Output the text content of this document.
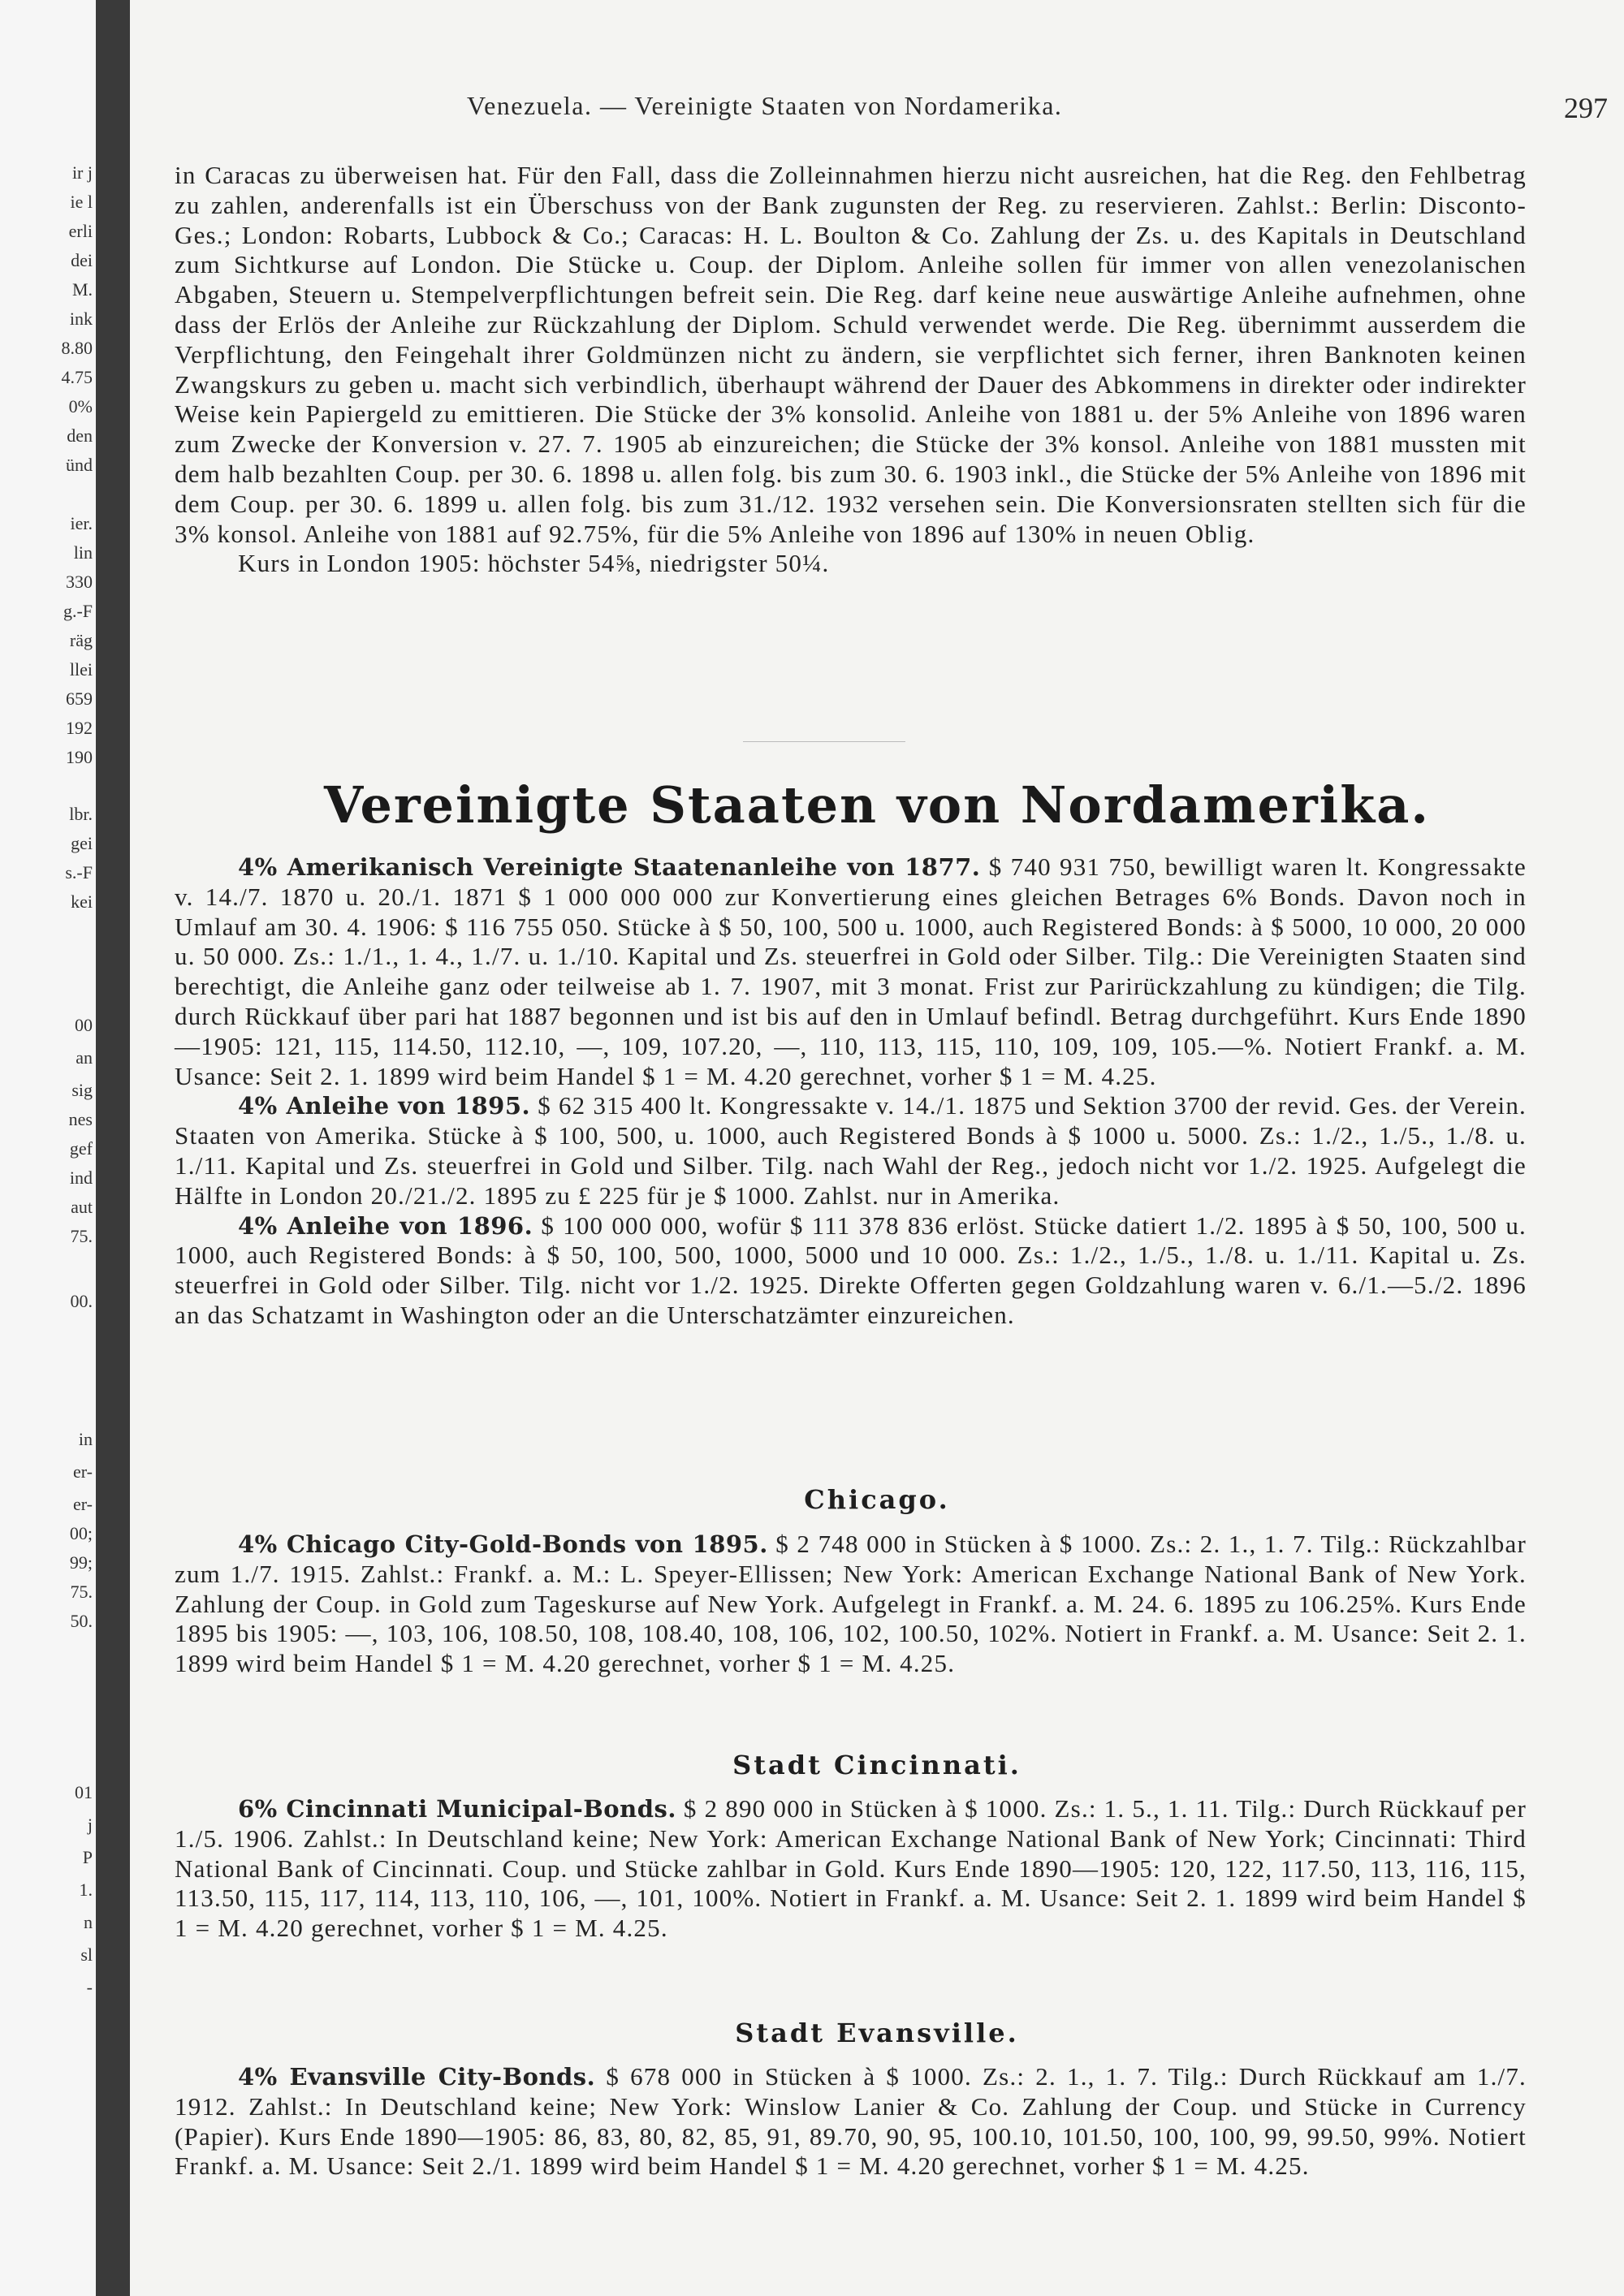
ir j
ie l
erli
dei
M.
ink
8.80
4.75
0%
den
ünd
ier.
lin
330
g.-F
räg
llei
659
192
190
lbr.
gei
s.-F
kei
00
an
sig
nes
gef
ind
aut
75.
00.
in
er-
er-
00;
99;
75.
50.
01
j
P
1.
n
sl
-
Venezuela. — Vereinigte Staaten von Nordamerika.	297

in Caracas zu überweisen hat. Für den Fall, dass die Zolleinnahmen hierzu nicht ausreichen, hat die Reg. den Fehlbetrag zu zahlen, anderenfalls ist ein Überschuss von der Bank zugunsten der Reg. zu reservieren. Zahlst.: Berlin: Disconto-Ges.; London: Robarts, Lubbock & Co.; Caracas: H. L. Boulton & Co. Zahlung der Zs. u. des Kapitals in Deutschland zum Sichtkurse auf London. Die Stücke u. Coup. der Diplom. Anleihe sollen für immer von allen venezolanischen Abgaben, Steuern u. Stempelverpflichtungen befreit sein. Die Reg. darf keine neue auswärtige Anleihe aufnehmen, ohne dass der Erlös der Anleihe zur Rückzahlung der Diplom. Schuld verwendet werde. Die Reg. übernimmt ausserdem die Verpflichtung, den Feingehalt ihrer Goldmünzen nicht zu ändern, sie verpflichtet sich ferner, ihren Banknoten keinen Zwangskurs zu geben u. macht sich verbindlich, überhaupt während der Dauer des Abkommens in direkter oder indirekter Weise kein Papiergeld zu emittieren. Die Stücke der 3% konsolid. Anleihe von 1881 u. der 5% Anleihe von 1896 waren zum Zwecke der Konversion v. 27. 7. 1905 ab einzureichen; die Stücke der 3% konsol. Anleihe von 1881 mussten mit dem halb bezahlten Coup. per 30. 6. 1898 u. allen folg. bis zum 30. 6. 1903 inkl., die Stücke der 5% Anleihe von 1896 mit dem Coup. per 30. 6. 1899 u. allen folg. bis zum 31./12. 1932 versehen sein. Die Konversionsraten stellten sich für die 3% konsol. Anleihe von 1881 auf 92.75%, für die 5% Anleihe von 1896 auf 130% in neuen Oblig.

Kurs in London 1905: höchster 54⅝, niedrigster 50¼.

Vereinigte Staaten von Nordamerika.

4% Amerikanisch Vereinigte Staatenanleihe von 1877. $ 740 931 750, bewilligt waren lt. Kongressakte v. 14./7. 1870 u. 20./1. 1871 $ 1 000 000 000 zur Konvertierung eines gleichen Betrages 6% Bonds. Davon noch in Umlauf am 30. 4. 1906: $ 116 755 050. Stücke à $ 50, 100, 500 u. 1000, auch Registered Bonds: à $ 5000, 10 000, 20 000 u. 50 000. Zs.: 1./1., 1. 4., 1./7. u. 1./10. Kapital und Zs. steuerfrei in Gold oder Silber. Tilg.: Die Vereinigten Staaten sind berechtigt, die Anleihe ganz oder teilweise ab 1. 7. 1907, mit 3 monat. Frist zur Parirückzahlung zu kündigen; die Tilg. durch Rückkauf über pari hat 1887 begonnen und ist bis auf den in Umlauf befindl. Betrag durchgeführt. Kurs Ende 1890—1905: 121, 115, 114.50, 112.10, —, 109, 107.20, —, 110, 113, 115, 110, 109, 109, 105.—%. Notiert Frankf. a. M. Usance: Seit 2. 1. 1899 wird beim Handel $ 1 = M. 4.20 gerechnet, vorher $ 1 = M. 4.25.

4% Anleihe von 1895. $ 62 315 400 lt. Kongressakte v. 14./1. 1875 und Sektion 3700 der revid. Ges. der Verein. Staaten von Amerika. Stücke à $ 100, 500, u. 1000, auch Registered Bonds à $ 1000 u. 5000. Zs.: 1./2., 1./5., 1./8. u. 1./11. Kapital und Zs. steuerfrei in Gold und Silber. Tilg. nach Wahl der Reg., jedoch nicht vor 1./2. 1925. Aufgelegt die Hälfte in London 20./21./2. 1895 zu £ 225 für je $ 1000. Zahlst. nur in Amerika.

4% Anleihe von 1896. $ 100 000 000, wofür $ 111 378 836 erlöst. Stücke datiert 1./2. 1895 à $ 50, 100, 500 u. 1000, auch Registered Bonds: à $ 50, 100, 500, 1000, 5000 und 10 000. Zs.: 1./2., 1./5., 1./8. u. 1./11. Kapital u. Zs. steuerfrei in Gold oder Silber. Tilg. nicht vor 1./2. 1925. Direkte Offerten gegen Goldzahlung waren v. 6./1.—5./2. 1896 an das Schatzamt in Washington oder an die Unterschatzämter einzureichen.

Chicago.

4% Chicago City-Gold-Bonds von 1895. $ 2 748 000 in Stücken à $ 1000. Zs.: 2. 1., 1. 7. Tilg.: Rückzahlbar zum 1./7. 1915. Zahlst.: Frankf. a. M.: L. Speyer-Ellissen; New York: American Exchange National Bank of New York. Zahlung der Coup. in Gold zum Tageskurse auf New York. Aufgelegt in Frankf. a. M. 24. 6. 1895 zu 106.25%. Kurs Ende 1895 bis 1905: —, 103, 106, 108.50, 108, 108.40, 108, 106, 102, 100.50, 102%. Notiert in Frankf. a. M. Usance: Seit 2. 1. 1899 wird beim Handel $ 1 = M. 4.20 gerechnet, vorher $ 1 = M. 4.25.

Stadt Cincinnati.

6% Cincinnati Municipal-Bonds. $ 2 890 000 in Stücken à $ 1000. Zs.: 1. 5., 1. 11. Tilg.: Durch Rückkauf per 1./5. 1906. Zahlst.: In Deutschland keine; New York: American Exchange National Bank of New York; Cincinnati: Third National Bank of Cincinnati. Coup. und Stücke zahlbar in Gold. Kurs Ende 1890—1905: 120, 122, 117.50, 113, 116, 115, 113.50, 115, 117, 114, 113, 110, 106, —, 101, 100%. Notiert in Frankf. a. M. Usance: Seit 2. 1. 1899 wird beim Handel $ 1 = M. 4.20 gerechnet, vorher $ 1 = M. 4.25.

Stadt Evansville.

4% Evansville City-Bonds. $ 678 000 in Stücken à $ 1000. Zs.: 2. 1., 1. 7. Tilg.: Durch Rückkauf am 1./7. 1912. Zahlst.: In Deutschland keine; New York: Winslow Lanier & Co. Zahlung der Coup. und Stücke in Currency (Papier). Kurs Ende 1890—1905: 86, 83, 80, 82, 85, 91, 89.70, 90, 95, 100.10, 101.50, 100, 100, 99, 99.50, 99%. Notiert Frankf. a. M. Usance: Seit 2./1. 1899 wird beim Handel $ 1 = M. 4.20 gerechnet, vorher $ 1 = M. 4.25.
